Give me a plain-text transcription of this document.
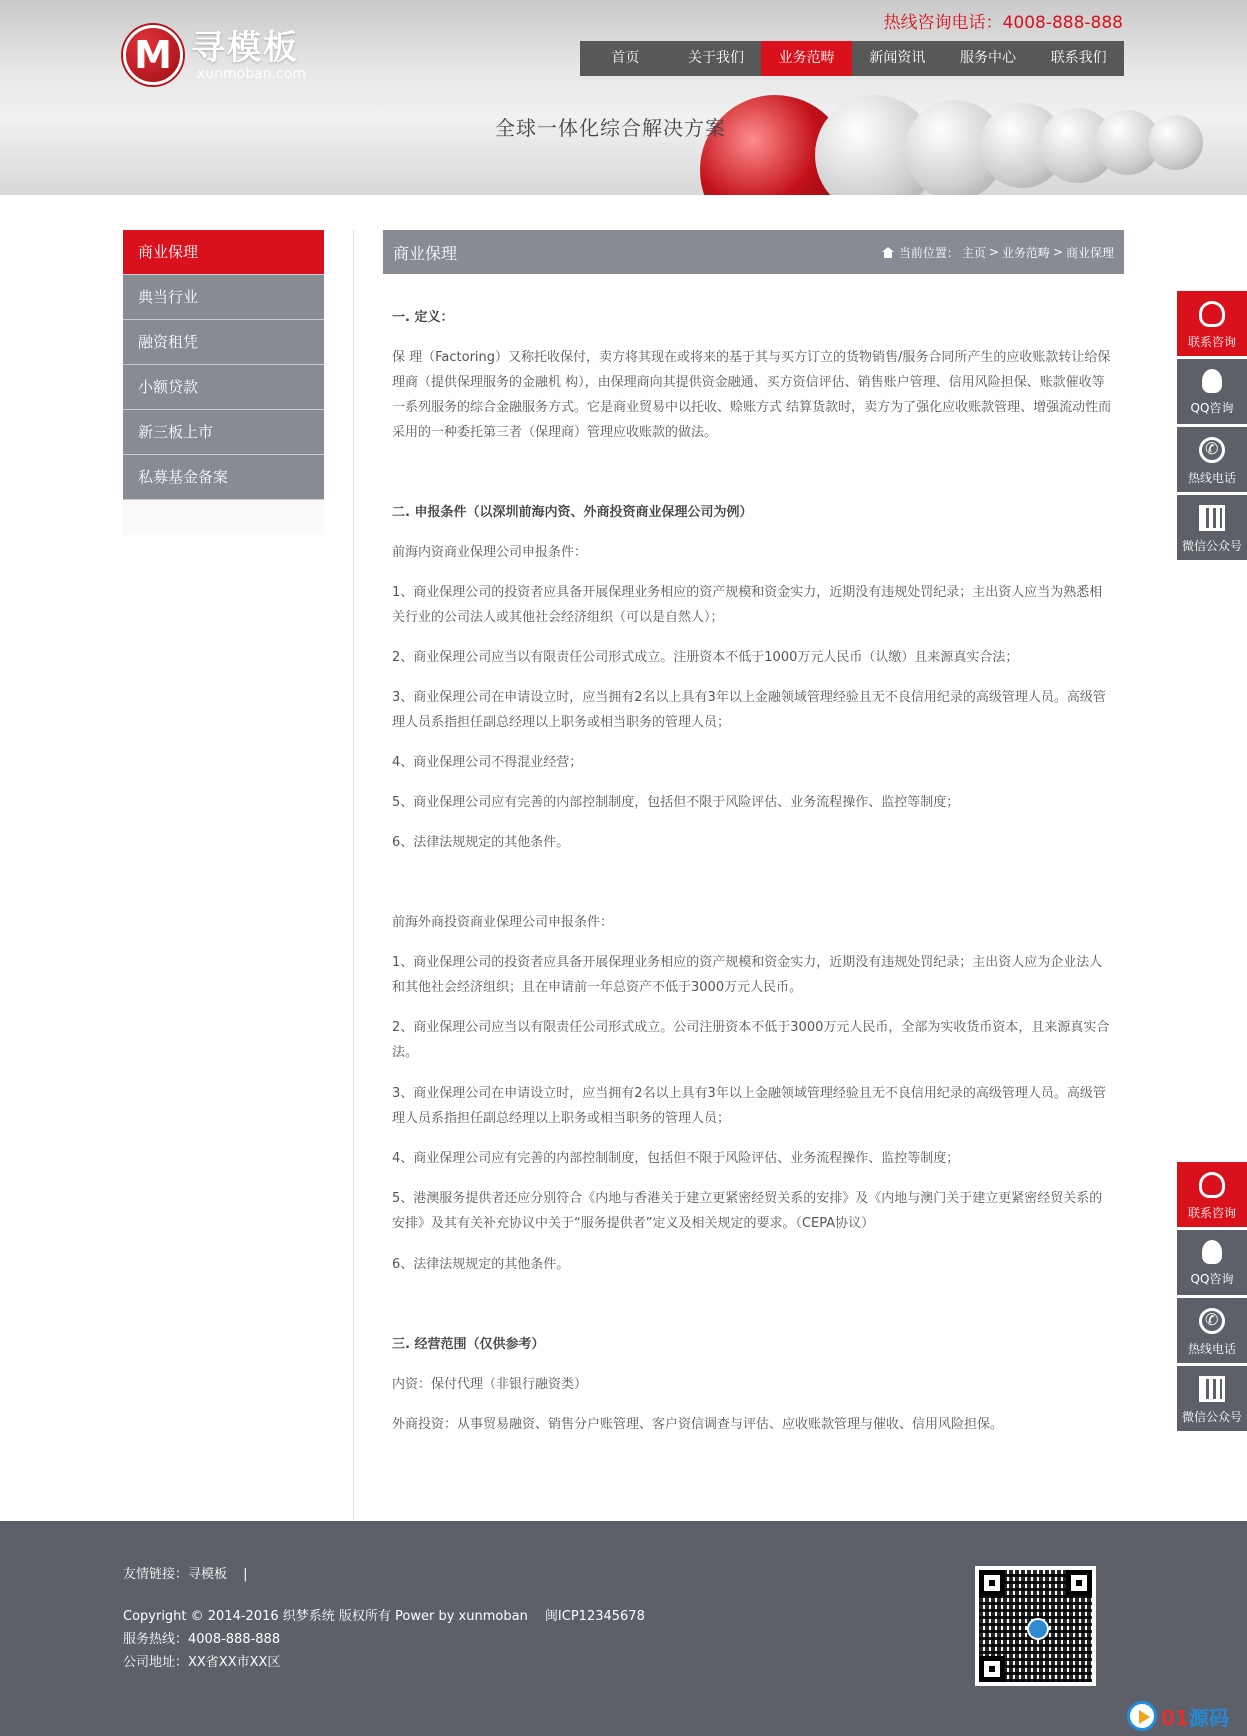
M 寻模板
xunmoban.com
热线咨询电话：4008-888-888
首页	关于我们	业务范畴	新闻资讯	服务中心	联系我们
全球一体化综合解决方案
商业保理
典当行业
融资租凭
小额贷款
新三板上市
私募基金备案
商业保理	当前位置： 主页 > 业务范畴 > 商业保理
一. 定义：
保 理（Factoring）又称托收保付，卖方将其现在或将来的基于其与买方订立的货物销售/服务合同所产生的应收账款转让给保理商（提供保理服务的金融机 构），由保理商向其提供资金融通、买方资信评估、销售账户管理、信用风险担保、账款催收等一系列服务的综合金融服务方式。它是商业贸易中以托收、赊账方式 结算货款时，卖方为了强化应收账款管理、增强流动性而采用的一种委托第三者（保理商）管理应收账款的做法。
二. 申报条件（以深圳前海内资、外商投资商业保理公司为例）
前海内资商业保理公司申报条件：
1、商业保理公司的投资者应具备开展保理业务相应的资产规模和资金实力，近期没有违规处罚纪录；主出资人应当为熟悉相关行业的公司法人或其他社会经济组织（可以是自然人）；
2、商业保理公司应当以有限责任公司形式成立。注册资本不低于1000万元人民币（认缴）且来源真实合法；
3、商业保理公司在申请设立时，应当拥有2名以上具有3年以上金融领域管理经验且无不良信用纪录的高级管理人员。高级管理人员系指担任副总经理以上职务或相当职务的管理人员；
4、商业保理公司不得混业经营；
5、商业保理公司应有完善的内部控制制度，包括但不限于风险评估、业务流程操作、监控等制度；
6、法律法规规定的其他条件。
前海外商投资商业保理公司申报条件：
1、商业保理公司的投资者应具备开展保理业务相应的资产规模和资金实力，近期没有违规处罚纪录；主出资人应为企业法人和其他社会经济组织；且在申请前一年总资产不低于3000万元人民币。
2、商业保理公司应当以有限责任公司形式成立。公司注册资本不低于3000万元人民币，全部为实收货币资本，且来源真实合法。
3、商业保理公司在申请设立时，应当拥有2名以上具有3年以上金融领域管理经验且无不良信用纪录的高级管理人员。高级管理人员系指担任副总经理以上职务或相当职务的管理人员；
4、商业保理公司应有完善的内部控制制度，包括但不限于风险评估、业务流程操作、监控等制度；
5、港澳服务提供者还应分别符合《内地与香港关于建立更紧密经贸关系的安排》及《内地与澳门关于建立更紧密经贸关系的安排》及其有关补充协议中关于“服务提供者”定义及相关规定的要求。（CEPA协议）
6、法律法规规定的其他条件。
三. 经营范围（仅供参考）
内资：保付代理（非银行融资类）
外商投资：从事贸易融资、销售分户账管理、客户资信调查与评估、应收账款管理与催收、信用风险担保。
联系咨询
QQ咨询
✆
热线电话
微信公众号
联系咨询
QQ咨询
✆
热线电话
微信公众号
友情链接：寻模板 |
Copyright © 2014-2016 织梦系统 版权所有 Power by xunmoban　 闽ICP12345678
服务热线：4008-888-888
公司地址：XX省XX市XX区
01源码
